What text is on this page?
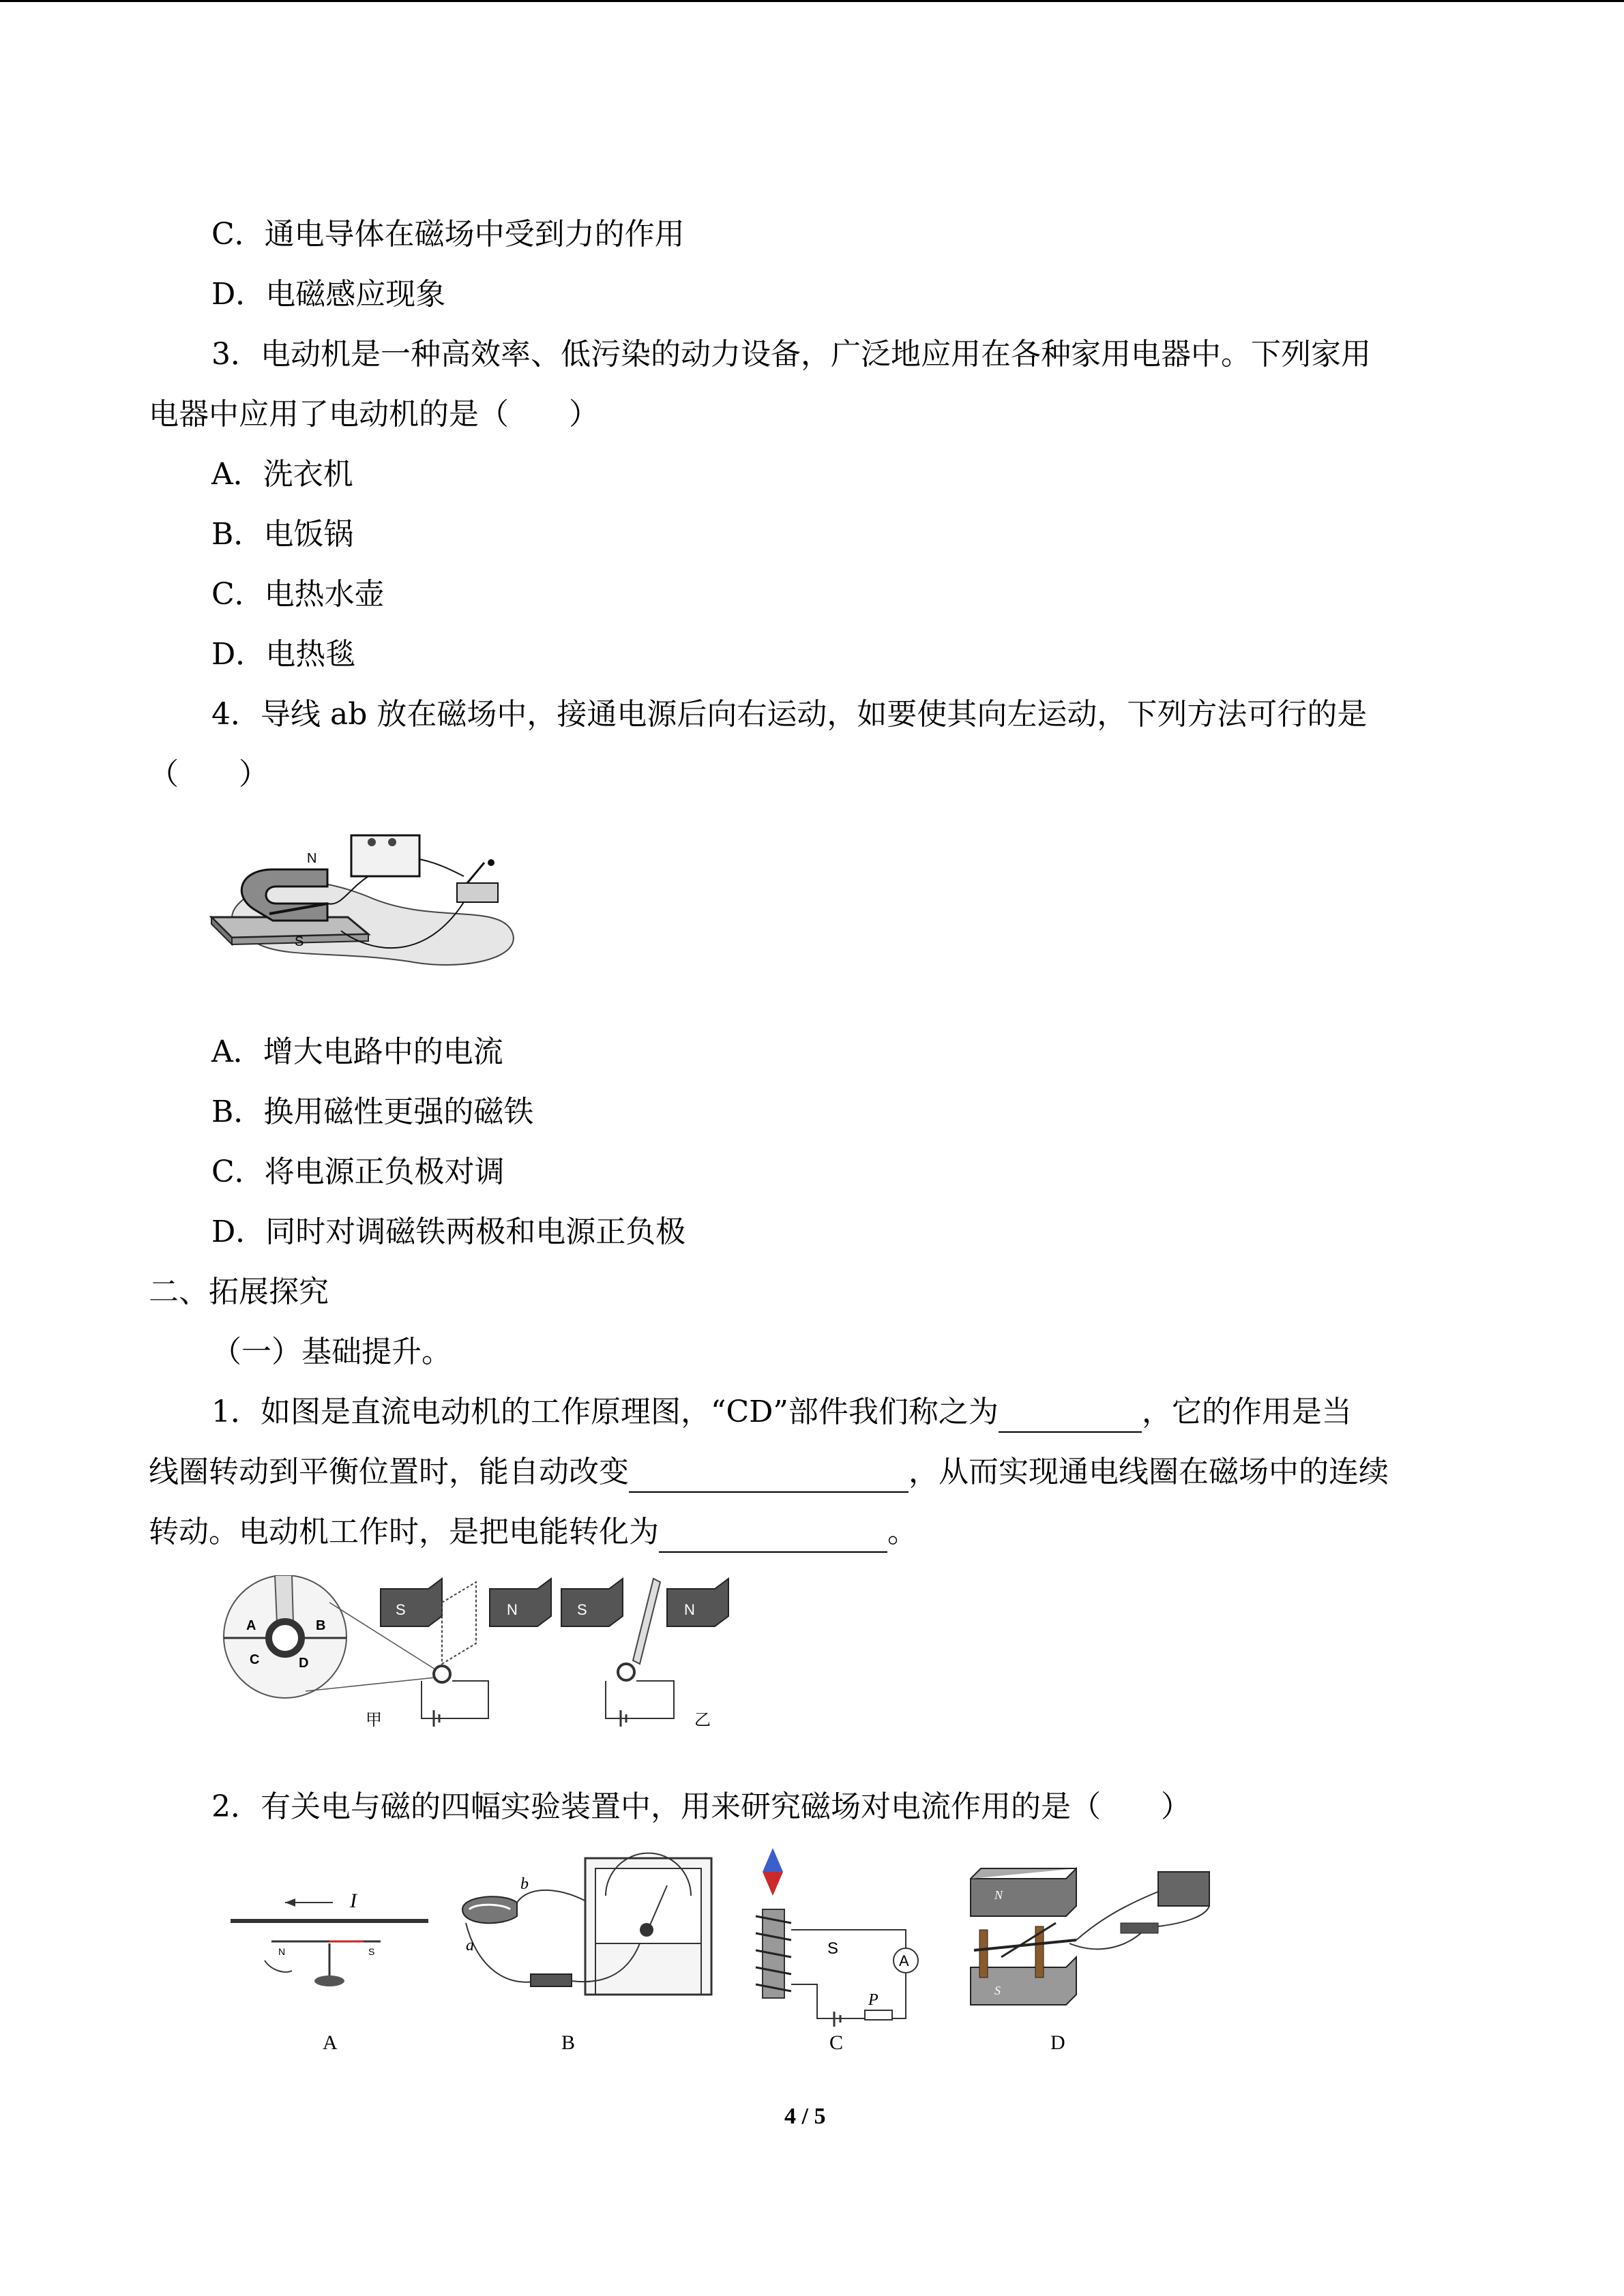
C．通电导体在磁场中受到力的作用
D．电磁感应现象
3．电动机是一种高效率、低污染的动力设备，广泛地应用在各种家用电器中。下列家用
电器中应用了电动机的是（　　）
A．洗衣机
B．电饭锅
C．电热水壶
D．电热毯
4．导线 ab 放在磁场中，接通电源后向右运动，如要使其向左运动，下列方法可行的是
（　　）
N
S
A．增大电路中的电流
B．换用磁性更强的磁铁
C．将电源正负极对调
D．同时对调磁铁两极和电源正负极
二、拓展探究
（一）基础提升。
1．如图是直流电动机的工作原理图，“CD”部件我们称之为	，它的作用是当
线圈转动到平衡位置时，能自动改变	，从而实现通电线圈在磁场中的连续
转动。电动机工作时，是把电能转化为	。
A	B
C	D
S	N
甲
S	N
乙
2．有关电与磁的四幅实验装置中，用来研究磁场对电流作用的是（　　）
I
S
N
A
a
b
B
A
S
P
C
N
S
D
4 / 5
